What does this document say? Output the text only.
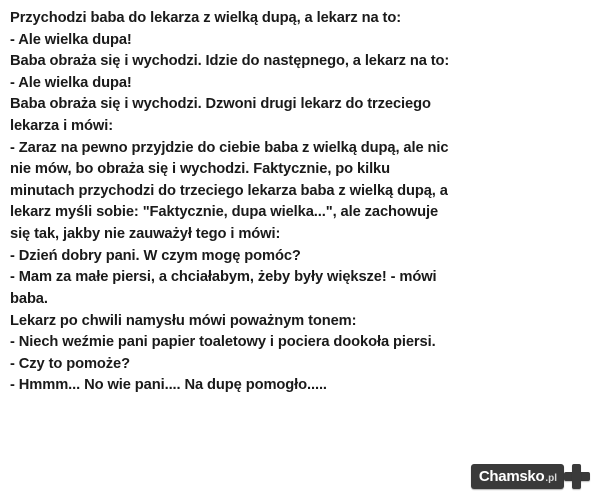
Przychodzi baba do lekarza z wielką dupą, a lekarz na to:

- Ale wielka dupa!

Baba obraża się i wychodzi. Idzie do następnego, a lekarz na to:

- Ale wielka dupa!

Baba obraża się i wychodzi. Dzwoni drugi lekarz do trzeciego

lekarza i mówi:

- Zaraz na pewno przyjdzie do ciebie baba z wielką dupą, ale nic

nie mów, bo obraża się i wychodzi. Faktycznie, po kilku

minutach przychodzi do trzeciego lekarza baba z wielką dupą, a

lekarz myśli sobie: "Faktycznie, dupa wielka...", ale zachowuje

się tak, jakby nie zauważył tego i mówi:

- Dzień dobry pani. W czym mogę pomóc?

- Mam za małe piersi, a chciałabym, żeby były większe! - mówi

baba.

Lekarz po chwili namysłu mówi poważnym tonem:

- Niech weźmie pani papier toaletowy i pociera dookoła piersi.

- Czy to pomoże?

- Hmmm... No wie pani.... Na dupę pomogło.....

Chamsko .pl
